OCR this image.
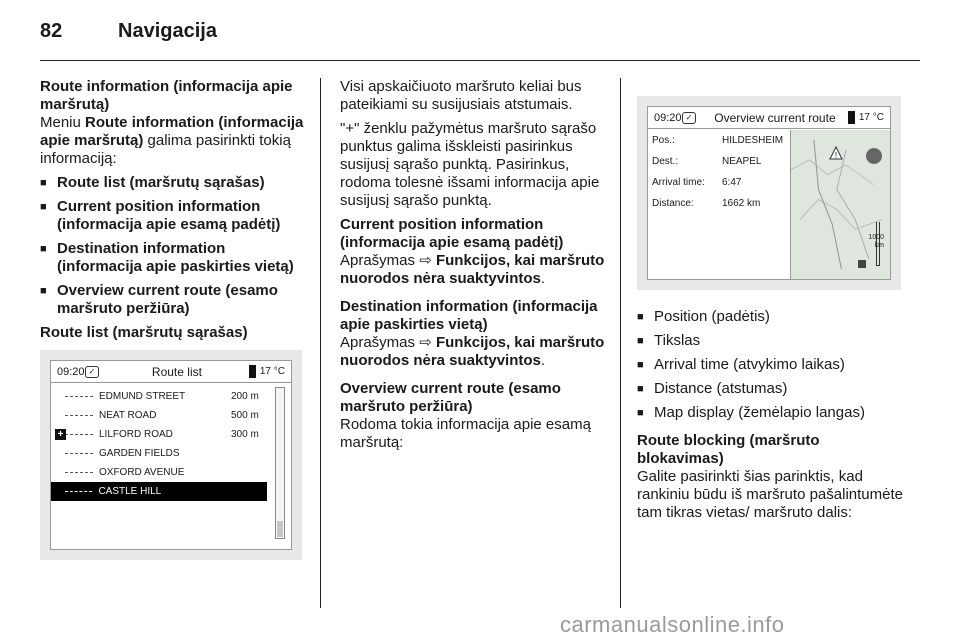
82	Navigacija
Route information (informacija apie maršrutą)

Meniu Route information (informacija apie maršrutą) galima pasirinkti tokią informaciją:

■ Route list (maršrutų sąrašas)
■ Current position information (informacija apie esamą padėtį)
■ Destination information (informacija apie paskirties vietą)
■ Overview current route (esamo maršruto peržiūra)
Route list (maršrutų sąrašas)
09:20 ✓	Route list	17 °C
EDMUND STREET	200 m
NEAT ROAD	500 m
+	LILFORD ROAD	300 m
GARDEN FIELDS
OXFORD AVENUE
CASTLE HILL

Visi apskaičiuoto maršruto keliai bus pateikiami su susijusiais atstumais.

"+" ženklu pažymėtus maršruto sąrašo punktus galima išskleisti pasirinkus susijusį sąrašo punktą. Pasirinkus, rodoma tolesnė išsami informacija apie susijusį sąrašo punktą.

Current position information (informacija apie esamą padėtį)

Aprašymas ⇨ Funkcijos, kai maršruto nuorodos nėra suaktyvintos.

Destination information (informacija apie paskirties vietą)

Aprašymas ⇨ Funkcijos, kai maršruto nuorodos nėra suaktyvintos.

Overview current route (esamo maršruto peržiūra)

Rodoma tokia informacija apie esamą maršrutą:

09:20 ✓	Overview current route	17 °C
Pos.:	HILDESHEIM
Dest.:	NEAPEL
Arrival time:	6:47
Distance:	1662 km
!
1000
km
■ Position (padėtis)
■ Tikslas
■ Arrival time (atvykimo laikas)
■ Distance (atstumas)
■ Map display (žemėlapio langas)
Route blocking (maršruto blokavimas)

Galite pasirinkti šias parinktis, kad rankiniu būdu iš maršruto pašalintumėte tam tikras vietas/ maršruto dalis:

carmanualsonline.info
